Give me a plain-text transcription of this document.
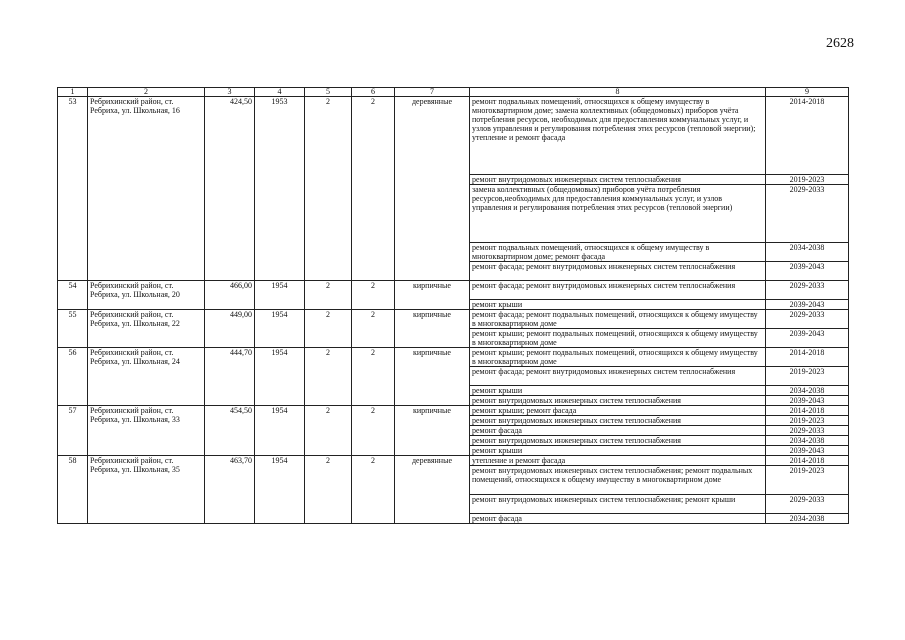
2628
1	2	3	4	5	6	7	8	9
53	Ребрихинский район, ст. Ребриха, ул. Школьная, 16	424,50	1953	2	2	деревянные	ремонт подвальных помещений, относящихся к общему имуществу в многоквартирном доме; замена коллективных (общедомовых) приборов учёта потребления ресурсов, необходимых для предоставления коммунальных услуг, и узлов управления и регулирования потребления этих ресурсов (тепловой энергии); утепление и ремонт фасада	2014-2018
							ремонт внутридомовых инженерных систем теплоснабжения	2019-2023
							замена коллективных (общедомовых) приборов учёта потребления ресурсов,необходимых для предоставления коммунальных услуг, и узлов управления и регулирования потребления этих ресурсов (тепловой энергии)	2029-2033
							ремонт подвальных помещений, относящихся к общему имуществу в многоквартирном доме; ремонт фасада	2034-2038
							ремонт фасада; ремонт внутридомовых инженерных систем теплоснабжения	2039-2043
54	Ребрихинский район, ст. Ребриха, ул. Школьная, 20	466,00	1954	2	2	кирпичные	ремонт фасада; ремонт внутридомовых инженерных систем теплоснабжения	2029-2033
							ремонт крыши	2039-2043
55	Ребрихинский район, ст. Ребриха, ул. Школьная, 22	449,00	1954	2	2	кирпичные	ремонт фасада; ремонт подвальных помещений, относящихся к общему имуществу в многоквартирном доме	2029-2033
							ремонт крыши; ремонт подвальных помещений, относящихся к общему имуществу в многоквартирном доме	2039-2043
56	Ребрихинский район, ст. Ребриха, ул. Школьная, 24	444,70	1954	2	2	кирпичные	ремонт крыши; ремонт подвальных помещений, относящихся к общему имуществу в многоквартирном доме	2014-2018
							ремонт фасада; ремонт внутридомовых инженерных систем теплоснабжения	2019-2023
							ремонт крыши	2034-2038
							ремонт внутридомовых инженерных систем теплоснабжения	2039-2043
57	Ребрихинский район, ст. Ребриха, ул. Школьная, 33	454,50	1954	2	2	кирпичные	ремонт крыши; ремонт фасада	2014-2018
							ремонт внутридомовых инженерных систем теплоснабжения	2019-2023
							ремонт фасада	2029-2033
							ремонт внутридомовых инженерных систем теплоснабжения	2034-2038
							ремонт крыши	2039-2043
58	Ребрихинский район, ст. Ребриха, ул. Школьная, 35	463,70	1954	2	2	деревянные	утепление и ремонт фасада	2014-2018
							ремонт внутридомовых инженерных систем теплоснабжения; ремонт подвальных помещений, относящихся к общему имуществу в многоквартирном доме	2019-2023
							ремонт внутридомовых инженерных систем теплоснабжения; ремонт крыши	2029-2033
							ремонт фасада	2034-2038
